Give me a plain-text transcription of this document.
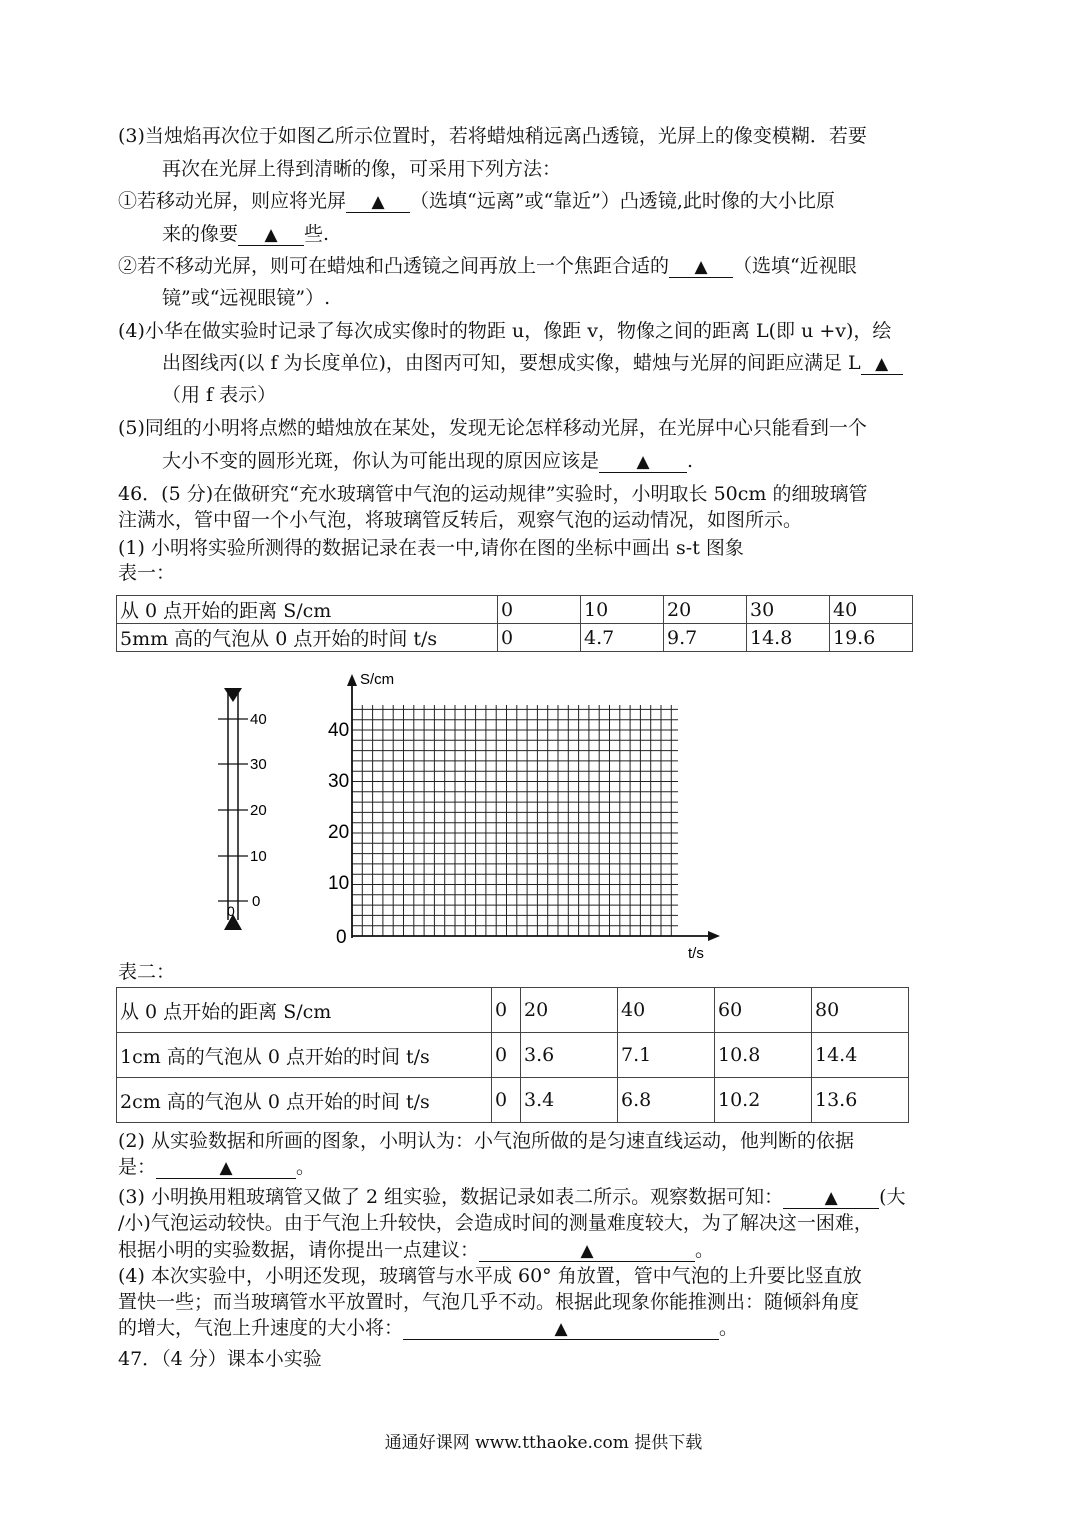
(3)当烛焰再次位于如图乙所示位置时，若将蜡烛稍远离凸透镜，光屏上的像变模糊．若要
再次在光屏上得到清晰的像，可采用下列方法：
①若移动光屏，则应将光屏 ▲ （选填“远离”或“靠近”）凸透镜,此时像的大小比原
来的像要 ▲ 些.
②若不移动光屏，则可在蜡烛和凸透镜之间再放上一个焦距合适的 ▲ （选填“近视眼
镜”或“远视眼镜”）.
(4)小华在做实验时记录了每次成实像时的物距 u，像距 v，物像之间的距离 L(即 u +v)，绘
出图线丙(以 f 为长度单位)，由图丙可知，要想成实像，蜡烛与光屏的间距应满足 L ▲
（用 f 表示）
(5)同组的小明将点燃的蜡烛放在某处，发现无论怎样移动光屏，在光屏中心只能看到一个
大小不变的圆形光斑，你认为可能出现的原因应该是 ▲ .
46．(5 分)在做研究“充水玻璃管中气泡的运动规律”实验时，小明取长 50cm 的细玻璃管
注满水，管中留一个小气泡，将玻璃管反转后，观察气泡的运动情况，如图所示。
(1) 小明将实验所测得的数据记录在表一中,请你在图的坐标中画出 s-t 图象
表一：
从 0 点开始的距离 S/cm	0	10	20	30	40
5mm 高的气泡从 0 点开始的时间 t/s	0	4.7	9.7	14.8	19.6
40
30
20
10
0
0
S/cm
t/s
40
30
20
10
0
表二：
从 0 点开始的距离 S/cm	0	20	40	60	80
1cm 高的气泡从 0 点开始的时间 t/s	0	3.6	7.1	10.8	14.4
2cm 高的气泡从 0 点开始的时间 t/s	0	3.4	6.8	10.2	13.6
(2) 从实验数据和所画的图象，小明认为：小气泡所做的是匀速直线运动，他判断的依据
是：	▲	。
(3) 小明换用粗玻璃管又做了 2 组实验，数据记录如表二所示。观察数据可知： ▲ (大
/小)气泡运动较快。由于气泡上升较快，会造成时间的测量难度较大，为了解决这一困难，
根据小明的实验数据，请你提出一点建议：	▲	。
(4) 本次实验中，小明还发现，玻璃管与水平成 60° 角放置，管中气泡的上升要比竖直放
置快一些；而当玻璃管水平放置时，气泡几乎不动。根据此现象你能推测出：随倾斜角度
的增大，气泡上升速度的大小将：	▲	。
47．（4 分）课本小实验
通通好课网 www.tthaoke.com 提供下载
